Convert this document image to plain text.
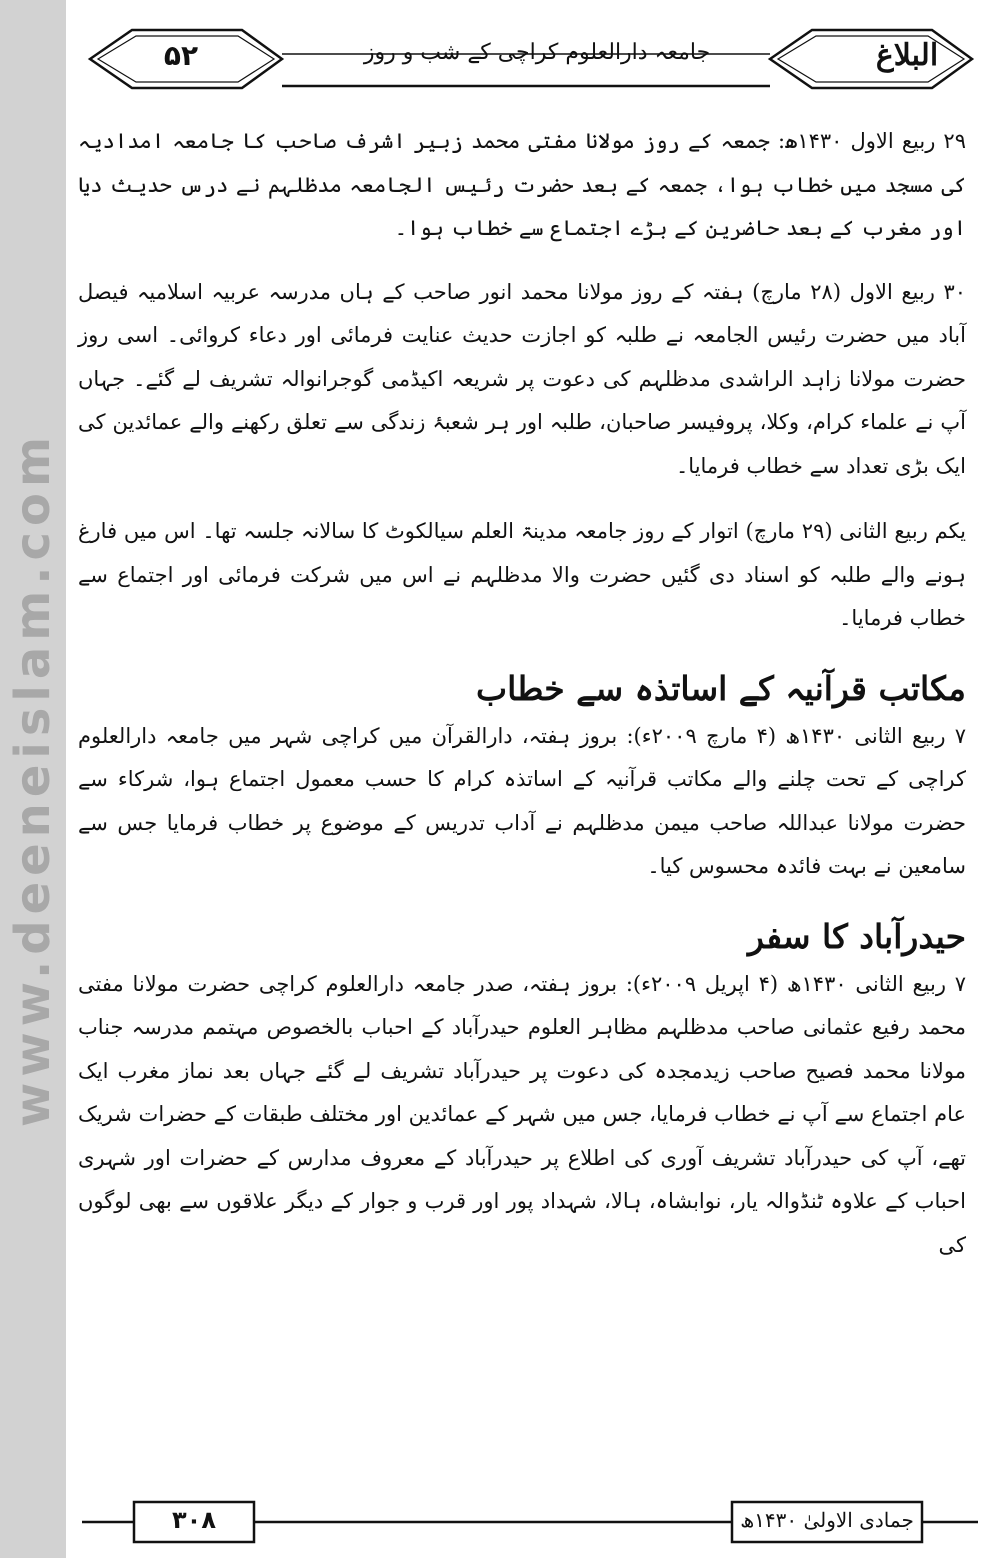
www.deeneislam.com
۵۲	جامعہ دارالعلوم کراچی کے شب و روز	البلاغ

۲۹ ربیع الاول ۱۴۳۰ھ: جمعہ کے روز مولانا مفتی محمد زبیر اشرف صاحب کا جامعہ امدادیہ کی مسجد میں خطاب ہوا، جمعہ کے بعد حضرت رئیس الجامعہ مدظلہم نے درس حدیث دیا اور مغرب کے بعد حاضرین کے بڑے اجتماع سے خطاب ہوا۔

۳۰ ربیع الاول (۲۸ مارچ) ہفتہ کے روز مولانا محمد انور صاحب کے ہاں مدرسہ عربیہ اسلامیہ فیصل آباد میں حضرت رئیس الجامعہ نے طلبہ کو اجازت حدیث عنایت فرمائی اور دعاء کروائی۔ اسی روز حضرت مولانا زاہد الراشدی مدظلہم کی دعوت پر شریعہ اکیڈمی گوجرانوالہ تشریف لے گئے۔ جہاں آپ نے علماء کرام، وکلا، پروفیسر صاحبان، طلبہ اور ہر شعبۂ زندگی سے تعلق رکھنے والے عمائدین کی ایک بڑی تعداد سے خطاب فرمایا۔

یکم ربیع الثانی (۲۹ مارچ) اتوار کے روز جامعہ مدینۃ العلم سیالکوٹ کا سالانہ جلسہ تھا۔ اس میں فارغ ہونے والے طلبہ کو اسناد دی گئیں حضرت والا مدظلہم نے اس میں شرکت فرمائی اور اجتماع سے خطاب فرمایا۔

مکاتب قرآنیہ کے اساتذہ سے خطاب

۷ ربیع الثانی ۱۴۳۰ھ (۴ مارچ ۲۰۰۹ء): بروز ہفتہ، دارالقرآن میں کراچی شہر میں جامعہ دارالعلوم کراچی کے تحت چلنے والے مکاتب قرآنیہ کے اساتذہ کرام کا حسب معمول اجتماع ہوا، شرکاء سے حضرت مولانا عبداللہ صاحب میمن مدظلہم نے آداب تدریس کے موضوع پر خطاب فرمایا جس سے سامعین نے بہت فائدہ محسوس کیا۔

حیدرآباد کا سفر

۷ ربیع الثانی ۱۴۳۰ھ (۴ اپریل ۲۰۰۹ء): بروز ہفتہ، صدر جامعہ دارالعلوم کراچی حضرت مولانا مفتی محمد رفیع عثمانی صاحب مدظلہم مظاہر العلوم حیدرآباد کے احباب بالخصوص مہتمم مدرسہ جناب مولانا محمد فصیح صاحب زیدمجدہ کی دعوت پر حیدرآباد تشریف لے گئے جہاں بعد نماز مغرب ایک عام اجتماع سے آپ نے خطاب فرمایا، جس میں شہر کے عمائدین اور مختلف طبقات کے حضرات شریک تھے، آپ کی حیدرآباد تشریف آوری کی اطلاع پر حیدرآباد کے معروف مدارس کے حضرات اور شہری احباب کے علاوہ ٹنڈوالہ یار، نوابشاہ، ہالا، شہداد پور اور قرب و جوار کے دیگر علاقوں سے بھی لوگوں کی

۳۰۸	جمادی الاولیٰ ۱۴۳۰ھ
